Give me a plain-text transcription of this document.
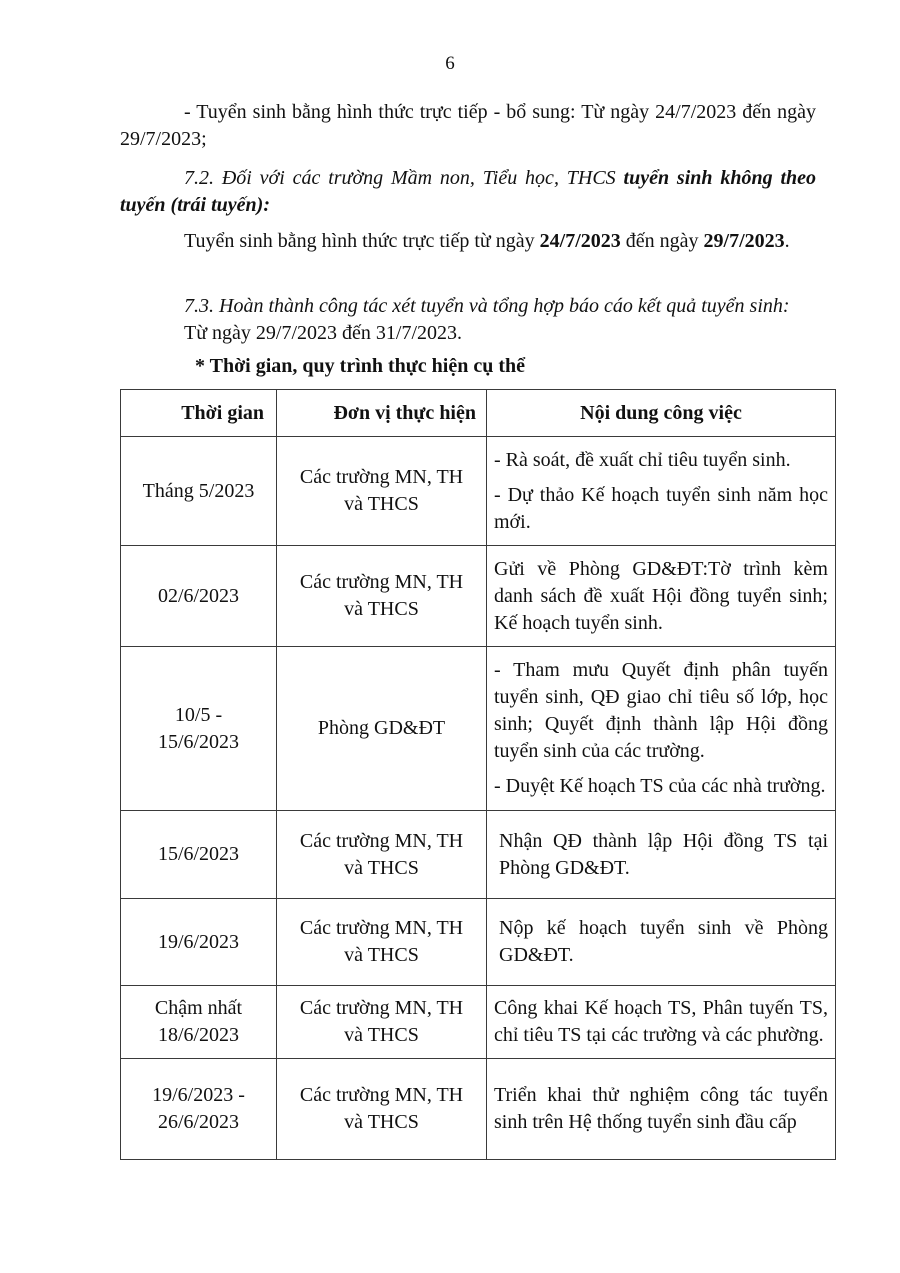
6
- Tuyển sinh bằng hình thức trực tiếp - bổ sung: Từ ngày 24/7/2023 đến ngày 29/7/2023;
7.2. Đối với các trường Mầm non, Tiểu học, THCS tuyển sinh không theo tuyến (trái tuyến):
Tuyển sinh bằng hình thức trực tiếp từ ngày 24/7/2023 đến ngày 29/7/2023.
7.3. Hoàn thành công tác xét tuyển và tổng hợp báo cáo kết quả tuyển sinh:
Từ ngày 29/7/2023 đến 31/7/2023.
* Thời gian, quy trình thực hiện cụ thể
Thời gian	Đơn vị thực hiện	Nội dung công việc
Tháng 5/2023	Các trường MN, TH
và THCS	- Rà soát, đề xuất chỉ tiêu tuyển sinh.
- Dự thảo Kế hoạch tuyển sinh năm học mới.

02/6/2023	Các trường MN, TH
và THCS	Gửi về Phòng GD&ĐT:Tờ trình kèm danh sách đề xuất Hội đồng tuyển sinh; Kế hoạch tuyển sinh.

10/5 -
15/6/2023	Phòng GD&ĐT	- Tham mưu Quyết định phân tuyến tuyển sinh, QĐ giao chỉ tiêu số lớp, học sinh; Quyết định thành lập Hội đồng tuyển sinh của các trường.
- Duyệt Kế hoạch TS của các nhà trường.

15/6/2023	Các trường MN, TH
và THCS	Nhận QĐ thành lập Hội đồng TS tại Phòng GD&ĐT.

19/6/2023	Các trường MN, TH
và THCS	Nộp kế hoạch tuyển sinh về Phòng GD&ĐT.

Chậm nhất
18/6/2023	Các trường MN, TH
và THCS	Công khai Kế hoạch TS, Phân tuyến TS, chỉ tiêu TS tại các trường và các phường.

19/6/2023 -
26/6/2023	Các trường MN, TH
và THCS	Triển khai thử nghiệm công tác tuyển sinh trên Hệ thống tuyển sinh đầu cấp
